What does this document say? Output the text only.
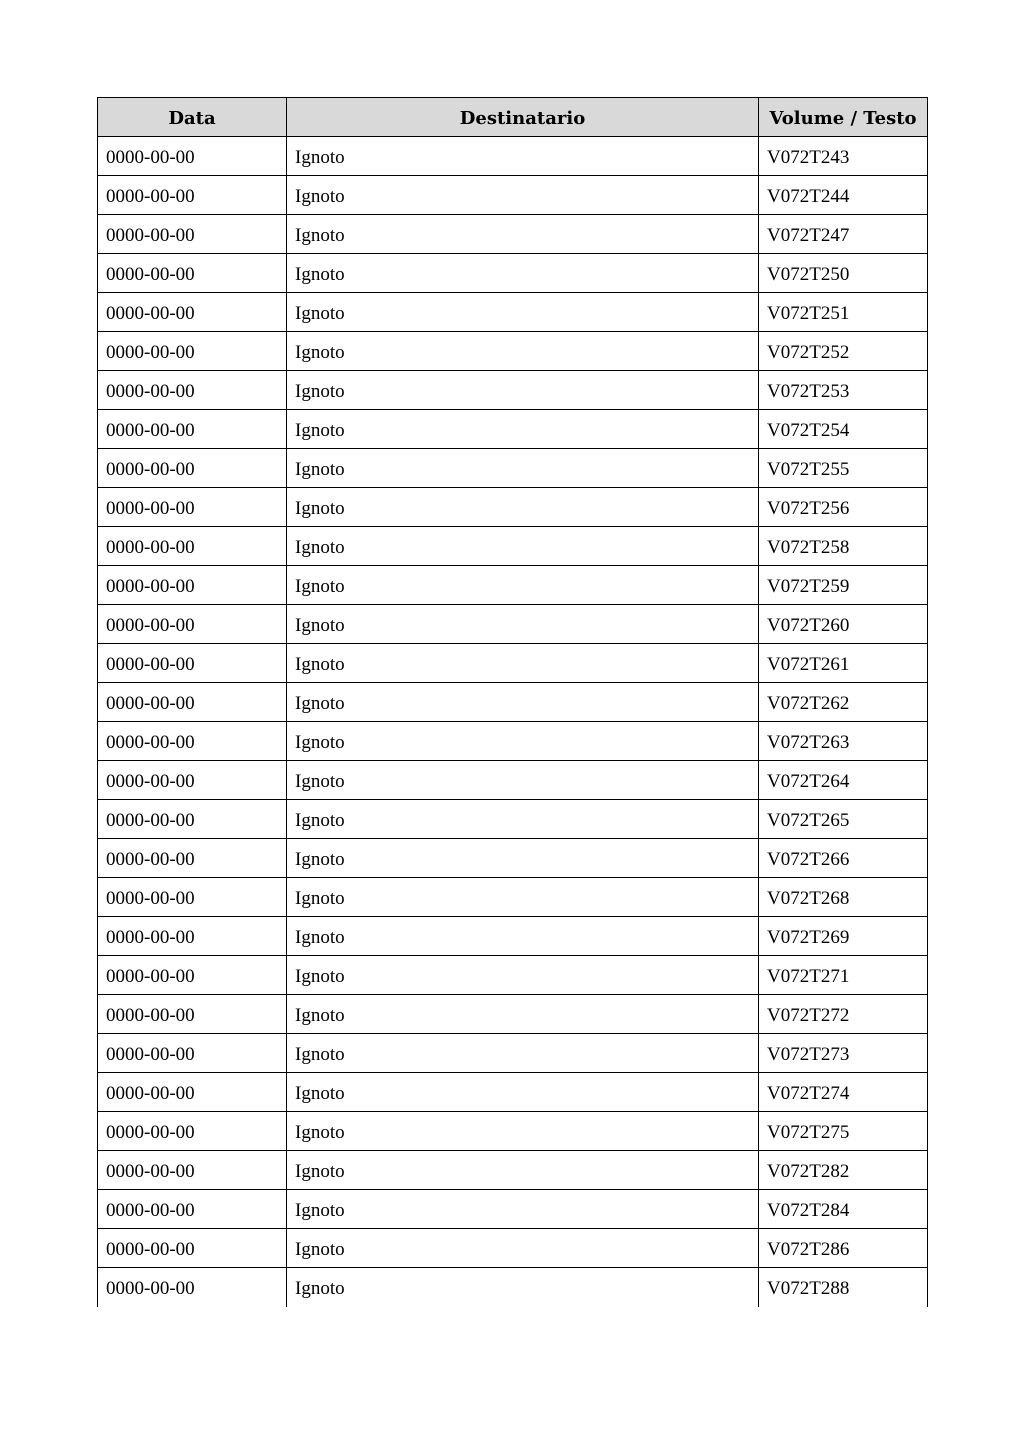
Data	Destinatario	Volume / Testo
0000-00-00	Ignoto	V072T243
0000-00-00	Ignoto	V072T244
0000-00-00	Ignoto	V072T247
0000-00-00	Ignoto	V072T250
0000-00-00	Ignoto	V072T251
0000-00-00	Ignoto	V072T252
0000-00-00	Ignoto	V072T253
0000-00-00	Ignoto	V072T254
0000-00-00	Ignoto	V072T255
0000-00-00	Ignoto	V072T256
0000-00-00	Ignoto	V072T258
0000-00-00	Ignoto	V072T259
0000-00-00	Ignoto	V072T260
0000-00-00	Ignoto	V072T261
0000-00-00	Ignoto	V072T262
0000-00-00	Ignoto	V072T263
0000-00-00	Ignoto	V072T264
0000-00-00	Ignoto	V072T265
0000-00-00	Ignoto	V072T266
0000-00-00	Ignoto	V072T268
0000-00-00	Ignoto	V072T269
0000-00-00	Ignoto	V072T271
0000-00-00	Ignoto	V072T272
0000-00-00	Ignoto	V072T273
0000-00-00	Ignoto	V072T274
0000-00-00	Ignoto	V072T275
0000-00-00	Ignoto	V072T282
0000-00-00	Ignoto	V072T284
0000-00-00	Ignoto	V072T286
0000-00-00	Ignoto	V072T288
